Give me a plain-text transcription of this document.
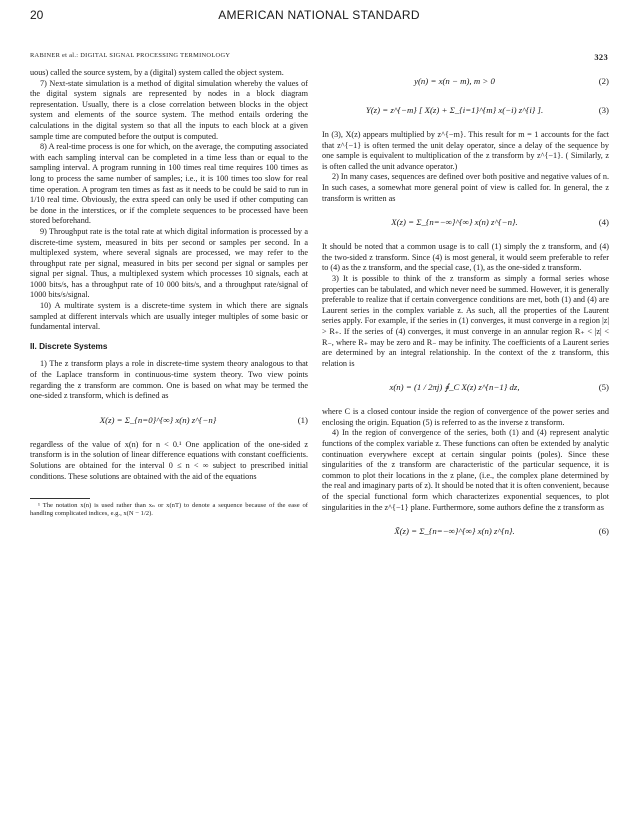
20	AMERICAN NATIONAL STANDARD
RABINER et al.: DIGITAL SIGNAL PROCESSING TERMINOLOGY	323

uous) called the source system, by a (digital) system called the object system.

7) Next-state simulation is a method of digital simulation whereby the values of the digital system signals are represented by nodes in a block diagram representation. Usually, there is a close correlation between blocks in the object system and elements of the source system. The method entails ordering the calculations in the digital system so that all the inputs to each block at a given sample time are computed before the output is computed.

8) A real-time process is one for which, on the average, the computing associated with each sampling interval can be completed in a time less than or equal to the sampling interval. A program running in 100 times real time requires 100 times as long to process the same number of samples; i.e., it is 100 times too slow for real time operation. A program ten times as fast as it needs to be could be said to run in 1/10 real time. Obviously, the extra speed can only be used if other computing can be done in the interstices, or if the complete sequences to be processed have been stored beforehand.

9) Throughput rate is the total rate at which digital information is processed by a discrete-time system, measured in bits per second or samples per second. In a multiplexed system, where several signals are processed, we may refer to the throughput rate per signal, measured in bits per second per signal or samples per signal per signal. Thus, a multiplexed system which processes 10 signals, each at 1000 bits/s, has a throughput rate of 10 000 bits/s, and a throughput rate/signal of 1000 bits/s/signal.

10) A multirate system is a discrete-time system in which there are signals sampled at different intervals which are usually integer multiples of some basic or fundamental interval.

II. Discrete Systems

1) The z transform plays a role in discrete-time system theory analogous to that of the Laplace transform in continuous-time system theory. Two view points regarding the z transform are common. One is based on what may be termed the one-sided z transform, which is defined as

X(z) = Σ_{n=0}^{∞} x(n) z^{−n}	(1)

regardless of the value of x(n) for n < 0.¹ One application of the one-sided z transform is in the solution of linear difference equations with constant coefficients. Solutions are obtained for the interval 0 ≤ n < ∞ subject to prescribed initial conditions. These solutions are obtained with the aid of the equations

¹ The notation x(n) is used rather than xₙ or x(nT) to denote a sequence because of the ease of handling complicated indices, e.g., x(N − 1/2).

y(n) = x(n − m), m > 0	(2)
Y(z) = z^{−m} [ X(z) + Σ_{i=1}^{m} x(−i) z^{i} ].	(3)

In (3), X(z) appears multiplied by z^{−m}. This result for m = 1 accounts for the fact that z^{−1} is often termed the unit delay operator, since a delay of the sequence by one sample is equivalent to multiplication of the z transform by z^{−1}. ( Similarly, z is often called the unit advance operator.)

2) In many cases, sequences are defined over both positive and negative values of n. In such cases, a somewhat more general point of view is called for. In general, the z transform is written as

X(z) = Σ_{n=−∞}^{∞} x(n) z^{−n}.	(4)

It should be noted that a common usage is to call (1) simply the z transform, and (4) the two-sided z transform. Since (4) is most general, it would seem preferable to refer to (4) as the z transform, and the special case, (1), as the one-sided z transform.

3) It is possible to think of the z transform as simply a formal series whose properties can be tabulated, and which never need be summed. However, it is generally preferable to realize that if certain convergence conditions are met, both (1) and (4) are Laurent series in the complex variable z. As such, all the properties of the Laurent series apply. For example, if the series in (1) converges, it must converge in a region |z| > R₊. If the series of (4) converges, it must converge in an annular region R₊ < |z| < R₋, where R₊ may be zero and R₋ may be infinity. The coefficients of a Laurent series are determined by an integral relationship. In the context of the z transform, this relation is

x(n) = (1 / 2πj) ∮_C X(z) z^{n−1} dz,	(5)

where C is a closed contour inside the region of convergence of the power series and enclosing the origin. Equation (5) is referred to as the inverse z transform.

4) In the region of convergence of the series, both (1) and (4) represent analytic functions of the complex variable z. These functions can often be extended by analytic continuation everywhere except at certain singular points (poles). Since these singularities of the z transform are characteristic of the particular sequence, it is common to plot their locations in the z plane, (i.e., the complex plane determined by the real and imaginary parts of z). It should be noted that it is often convenient, because of the special functional form which characterizes exponential sequences, to plot singularities in the z^{−1} plane. Furthermore, some authors define the z transform as

X̃(z) = Σ_{n=−∞}^{∞} x(n) z^{n}.	(6)
